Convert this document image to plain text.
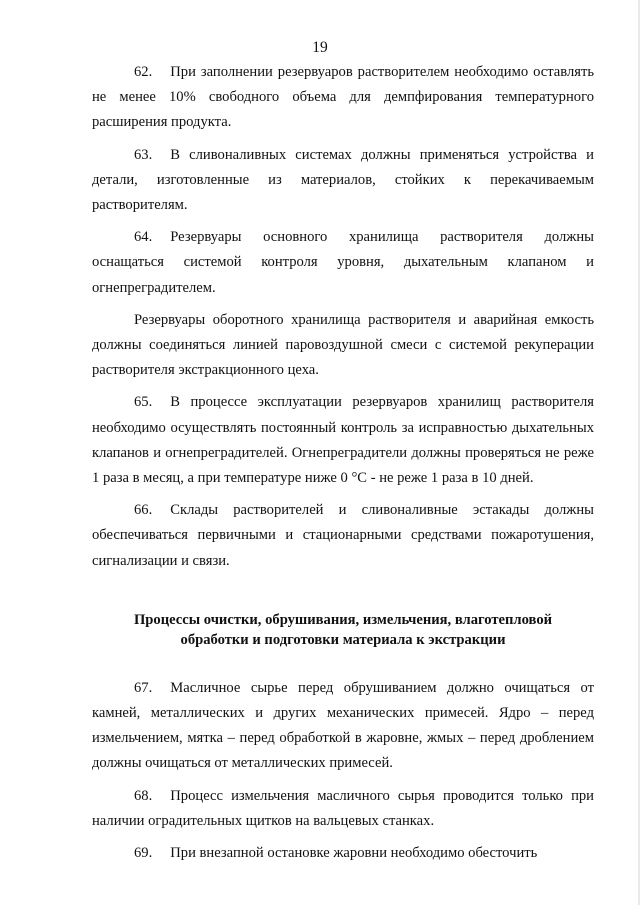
19

62. При заполнении резервуаров растворителем необходимо оставлять не менее 10% свободного объема для демпфирования температурного расширения продукта.

63. В сливоналивных системах должны применяться устройства и детали, изготовленные из материалов, стойких к перекачиваемым растворителям.

64. Резервуары основного хранилища растворителя должны оснащаться системой контроля уровня, дыхательным клапаном и огнепреградителем.

Резервуары оборотного хранилища растворителя и аварийная емкость должны соединяться линией паровоздушной смеси с системой рекуперации растворителя экстракционного цеха.

65. В процессе эксплуатации резервуаров хранилищ растворителя необходимо осуществлять постоянный контроль за исправностью дыхательных клапанов и огнепреградителей. Огнепреградители должны проверяться не реже 1 раза в месяц, а при температуре ниже 0 °С - не реже 1 раза в 10 дней.

66. Склады растворителей и сливоналивные эстакады должны обеспечиваться первичными и стационарными средствами пожаротушения, сигнализации и связи.

Процессы очистки, обрушивания, измельчения, влаготепловой
обработки и подготовки материала к экстракции

67. Масличное сырье перед обрушиванием должно очищаться от камней, металлических и других механических примесей. Ядро – перед измельчением, мятка – перед обработкой в жаровне, жмых – перед дроблением должны очищаться от металлических примесей.

68. Процесс измельчения масличного сырья проводится только при наличии оградительных щитков на вальцевых станках.

69. При внезапной остановке жаровни необходимо обесточить
